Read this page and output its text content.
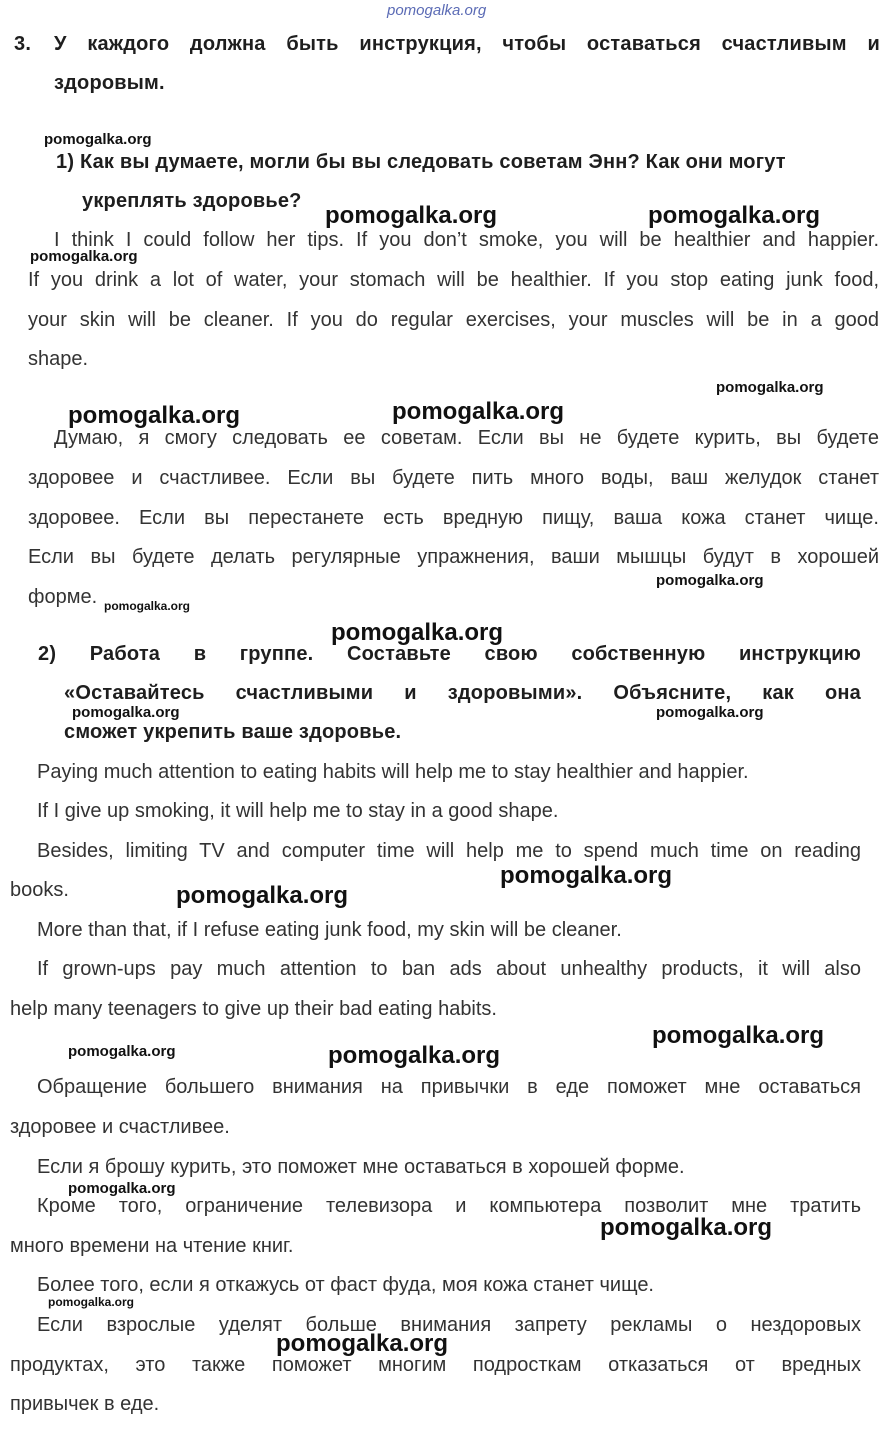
pomogalka.org
3. У каждого должна быть инструкция, чтобы оставаться счастливым и
здоровым.
1) Как вы думаете, могли бы вы следовать советам Энн? Как они могут
укреплять здоровье?
I think I could follow her tips. If you don’t smoke, you will be healthier and happier.
If you drink a lot of water, your stomach will be healthier. If you stop eating junk food,
your skin will be cleaner. If you do regular exercises, your muscles will be in a good
shape.
Думаю, я смогу следовать ее советам. Если вы не будете курить, вы будете
здоровее и счастливее. Если вы будете пить много воды, ваш желудок станет
здоровее. Если вы перестанете есть вредную пищу, ваша кожа станет чище.
Если вы будете делать регулярные упражнения, ваши мышцы будут в хорошей
форме.
2) Работа в группе. Составьте свою собственную инструкцию
«Оставайтесь счастливыми и здоровыми». Объясните, как она
сможет укрепить ваше здоровье.
Paying much attention to eating habits will help me to stay healthier and happier.
If I give up smoking, it will help me to stay in a good shape.
Besides, limiting TV and computer time will help me to spend much time on reading
books.
More than that, if I refuse eating junk food, my skin will be cleaner.
If grown-ups pay much attention to ban ads about unhealthy products, it will also
help many teenagers to give up their bad eating habits.
Обращение большего внимания на привычки в еде поможет мне оставаться
здоровее и счастливее.
Если я брошу курить, это поможет мне оставаться в хорошей форме.
Кроме того, ограничение телевизора и компьютера позволит мне тратить
много времени на чтение книг.
Более того, если я откажусь от фаст фуда, моя кожа станет чище.
Если взрослые уделят больше внимания запрету рекламы о нездоровых
продуктах, это также поможет многим подросткам отказаться от вредных
привычек в еде.
pomogalka.org
pomogalka.org	pomogalka.org
pomogalka.org
pomogalka.org
pomogalka.org	pomogalka.org
pomogalka.org
pomogalka.org
pomogalka.org
pomogalka.org	pomogalka.org
pomogalka.org
pomogalka.org
pomogalka.org
pomogalka.org	pomogalka.org
pomogalka.org
pomogalka.org
pomogalka.org
pomogalka.org
